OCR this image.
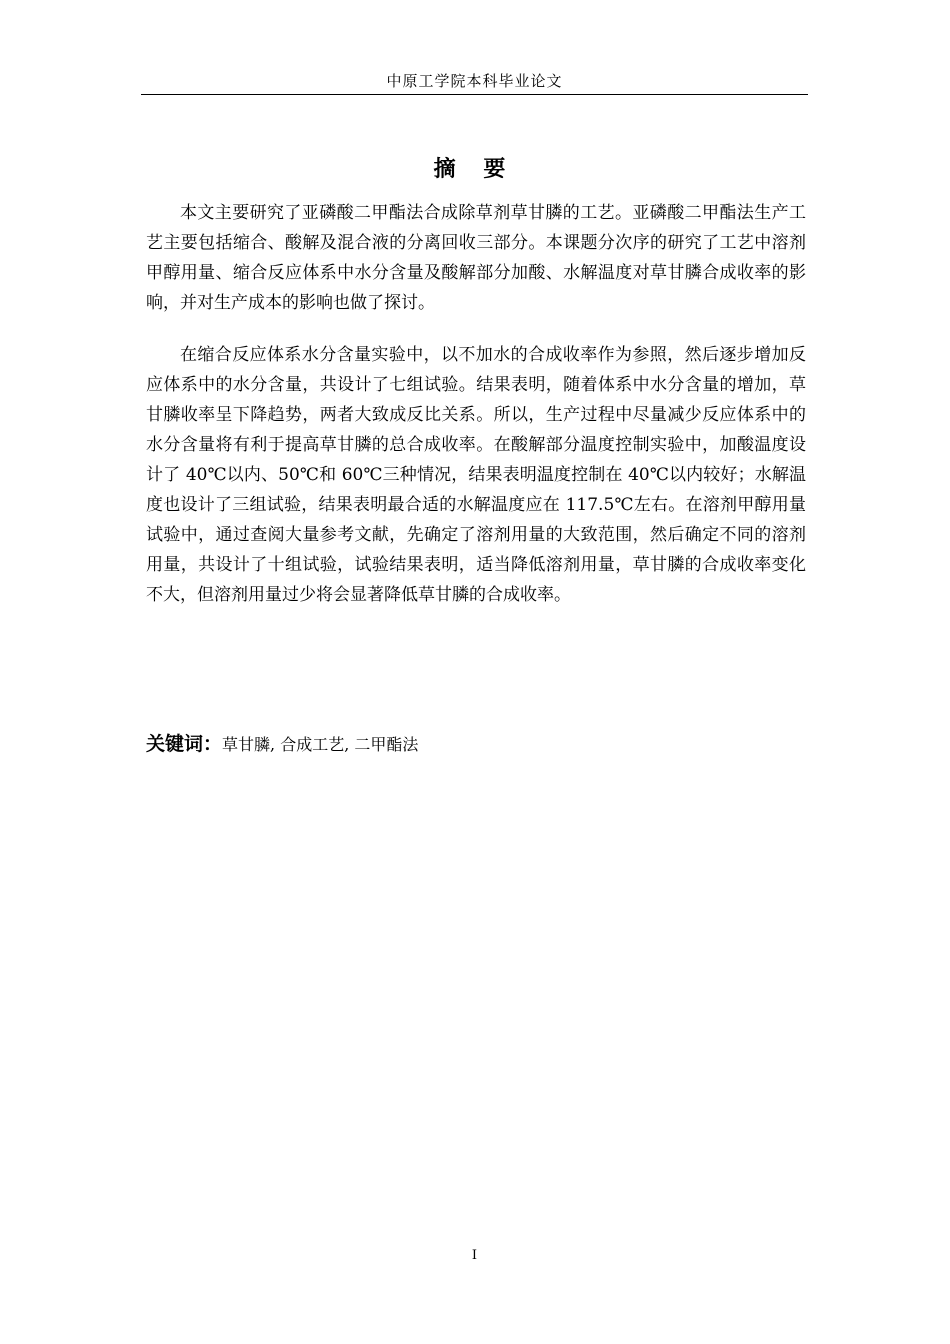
中原工学院本科毕业论文
摘 要

本文主要研究了亚磷酸二甲酯法合成除草剂草甘膦的工艺。亚磷酸二甲酯法生产工艺主要包括缩合、酸解及混合液的分离回收三部分。本课题分次序的研究了工艺中溶剂甲醇用量、缩合反应体系中水分含量及酸解部分加酸、水解温度对草甘膦合成收率的影响，并对生产成本的影响也做了探讨。

在缩合反应体系水分含量实验中，以不加水的合成收率作为参照，然后逐步增加反应体系中的水分含量，共设计了七组试验。结果表明，随着体系中水分含量的增加，草甘膦收率呈下降趋势，两者大致成反比关系。所以，生产过程中尽量减少反应体系中的水分含量将有利于提高草甘膦的总合成收率。在酸解部分温度控制实验中，加酸温度设计了 40℃以内、50℃和 60℃三种情况，结果表明温度控制在 40℃以内较好；水解温度也设计了三组试验，结果表明最合适的水解温度应在 117.5℃左右。在溶剂甲醇用量试验中，通过查阅大量参考文献，先确定了溶剂用量的大致范围，然后确定不同的溶剂用量，共设计了十组试验，试验结果表明，适当降低溶剂用量，草甘膦的合成收率变化不大，但溶剂用量过少将会显著降低草甘膦的合成收率。

关键词：草甘膦, 合成工艺, 二甲酯法
I
